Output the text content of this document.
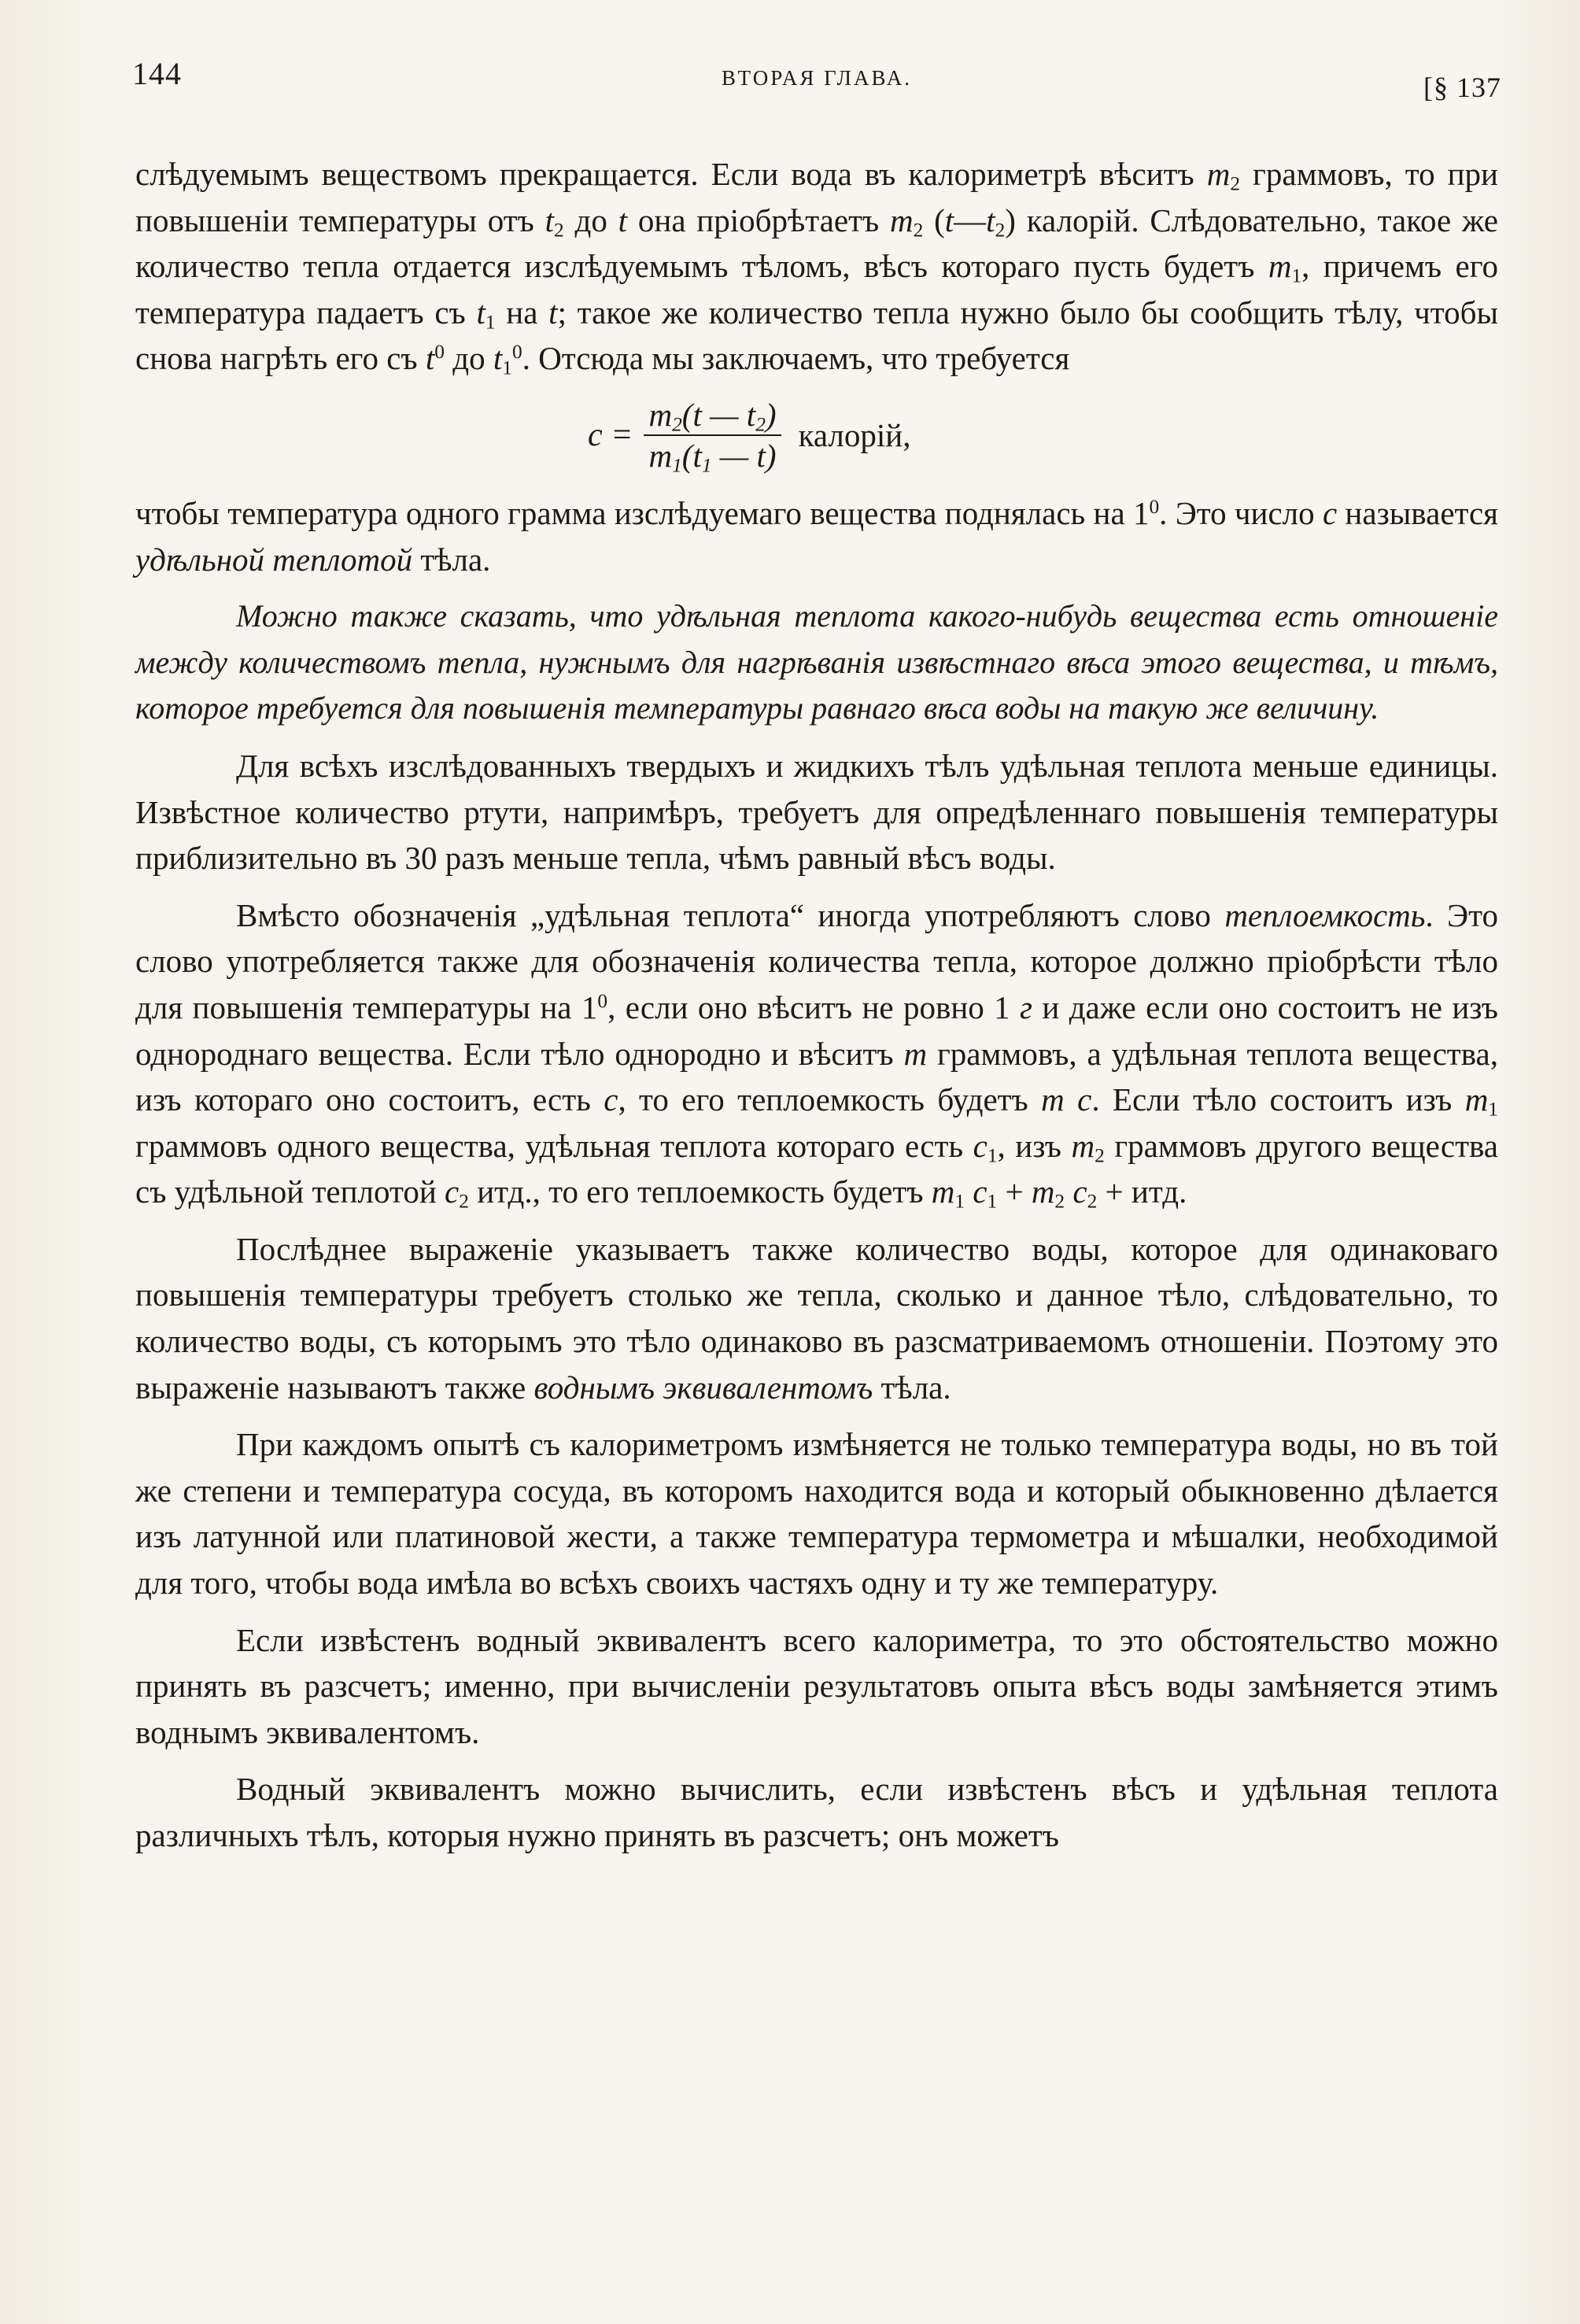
144	ВТОРАЯ ГЛАВА.	[§ 137

слѣдуемымъ веществомъ прекращается. Если вода въ калориметрѣ вѣситъ $m_2$ граммовъ, то при повышеніи температуры отъ $t_2$ до t она пріобрѣтаетъ $m_2$ $(t—t_2)$ калорій. Слѣдовательно, такое же количество тепла отдается изслѣдуемымъ тѣломъ, вѣсъ котораго пусть будетъ $m_1$, причемъ его температура падаетъ съ $t_1$ на t; такое же количество тепла нужно было бы сообщить тѣлу, чтобы снова нагрѣть его съ $t^0$ до $t_1^0$. Отсюда мы заключаемъ, что требуется

$c = \frac{m_2(t — t_2)}{m_1(t_1 — t)}$ калорій,

чтобы температура одного грамма изслѣдуемаго вещества поднялась на $1^0$. Это число c называется удѣльной теплотой тѣла.

Можно также сказать, что удѣльная теплота какого-нибудь вещества есть отношеніе между количествомъ тепла, нужнымъ для нагрѣванія извѣстнаго вѣса этого вещества, и тѣмъ, которое требуется для повышенія температуры равнаго вѣса воды на такую же величину.

Для всѣхъ изслѣдованныхъ твердыхъ и жидкихъ тѣлъ удѣльная теплота меньше единицы. Извѣстное количество ртути, напримѣръ, требуетъ для опредѣленнаго повышенія температуры приблизительно въ 30 разъ меньше тепла, чѣмъ равный вѣсъ воды.

Вмѣсто обозначенія „удѣльная теплота“ иногда употребляютъ слово теплоемкость. Это слово употребляется также для обозначенія количества тепла, которое должно пріобрѣсти тѣло для повышенія температуры на $1^0$, если оно вѣситъ не ровно 1 г и даже если оно состоитъ не изъ однороднаго вещества. Если тѣло однородно и вѣситъ m граммовъ, а удѣльная теплота вещества, изъ котораго оно состоитъ, есть c, то его теплоемкость будетъ m c. Если тѣло состоитъ изъ $m_1$ граммовъ одного вещества, удѣльная теплота котораго есть $c_1$, изъ $m_2$ граммовъ другого вещества съ удѣльной теплотой $c_2$ итд., то его теплоемкость будетъ $m_1$ $c_1 + m_2$ $c_2$ + итд.

Послѣднее выраженіе указываетъ также количество воды, которое для одинаковаго повышенія температуры требуетъ столько же тепла, сколько и данное тѣло, слѣдовательно, то количество воды, съ которымъ это тѣло одинаково въ разсматриваемомъ отношеніи. Поэтому это выраженіе называютъ также воднымъ эквивалентомъ тѣла.

При каждомъ опытѣ съ калориметромъ измѣняется не только температура воды, но въ той же степени и температура сосуда, въ которомъ находится вода и который обыкновенно дѣлается изъ латунной или платиновой жести, а также температура термометра и мѣшалки, необходимой для того, чтобы вода имѣла во всѣхъ своихъ частяхъ одну и ту же температуру.

Если извѣстенъ водный эквивалентъ всего калориметра, то это обстоятельство можно принять въ разсчетъ; именно, при вычисленіи результатовъ опыта вѣсъ воды замѣняется этимъ воднымъ эквивалентомъ.

Водный эквивалентъ можно вычислить, если извѣстенъ вѣсъ и удѣльная теплота различныхъ тѣлъ, которыя нужно принять въ разсчетъ; онъ можетъ
